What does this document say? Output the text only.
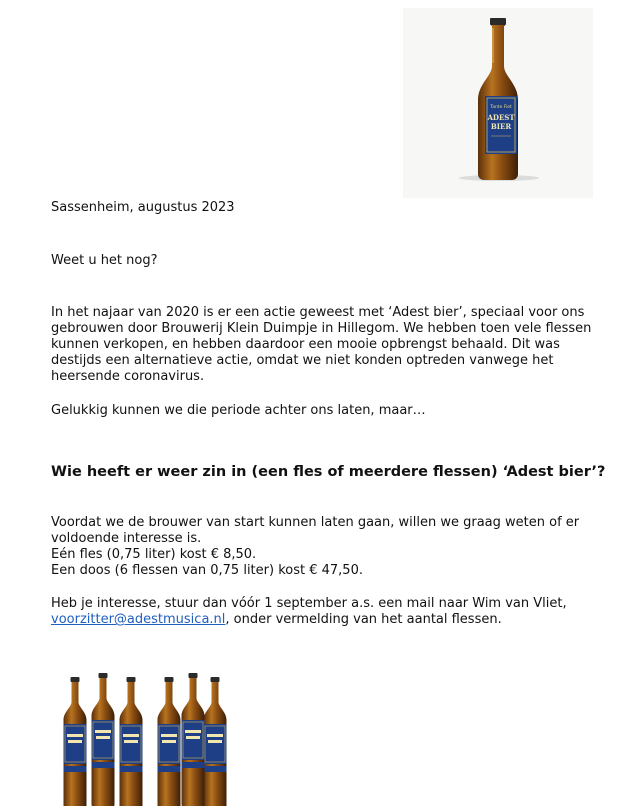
Tante Fiet
ADEST
BIER

Sassenheim, augustus 2023

Weet u het nog?

In het najaar van 2020 is er een actie geweest met ‘Adest bier’, speciaal voor ons
gebrouwen door Brouwerij Klein Duimpje in Hillegom. We hebben toen vele flessen
kunnen verkopen, en hebben daardoor een mooie opbrengst behaald. Dit was
destijds een alternatieve actie, omdat we niet konden optreden vanwege het
heersende coronavirus.

Gelukkig kunnen we die periode achter ons laten, maar…

Wie heeft er weer zin in (een fles of meerdere flessen) ‘Adest bier’?

Voordat we de brouwer van start kunnen laten gaan, willen we graag weten of er
voldoende interesse is.
Eén fles (0,75 liter) kost € 8,50.
Een doos (6 flessen van 0,75 liter) kost € 47,50.
Heb je interesse, stuur dan vóór 1 september a.s. een mail naar Wim van Vliet,
voorzitter@adestmusica.nl, onder vermelding van het aantal flessen.
